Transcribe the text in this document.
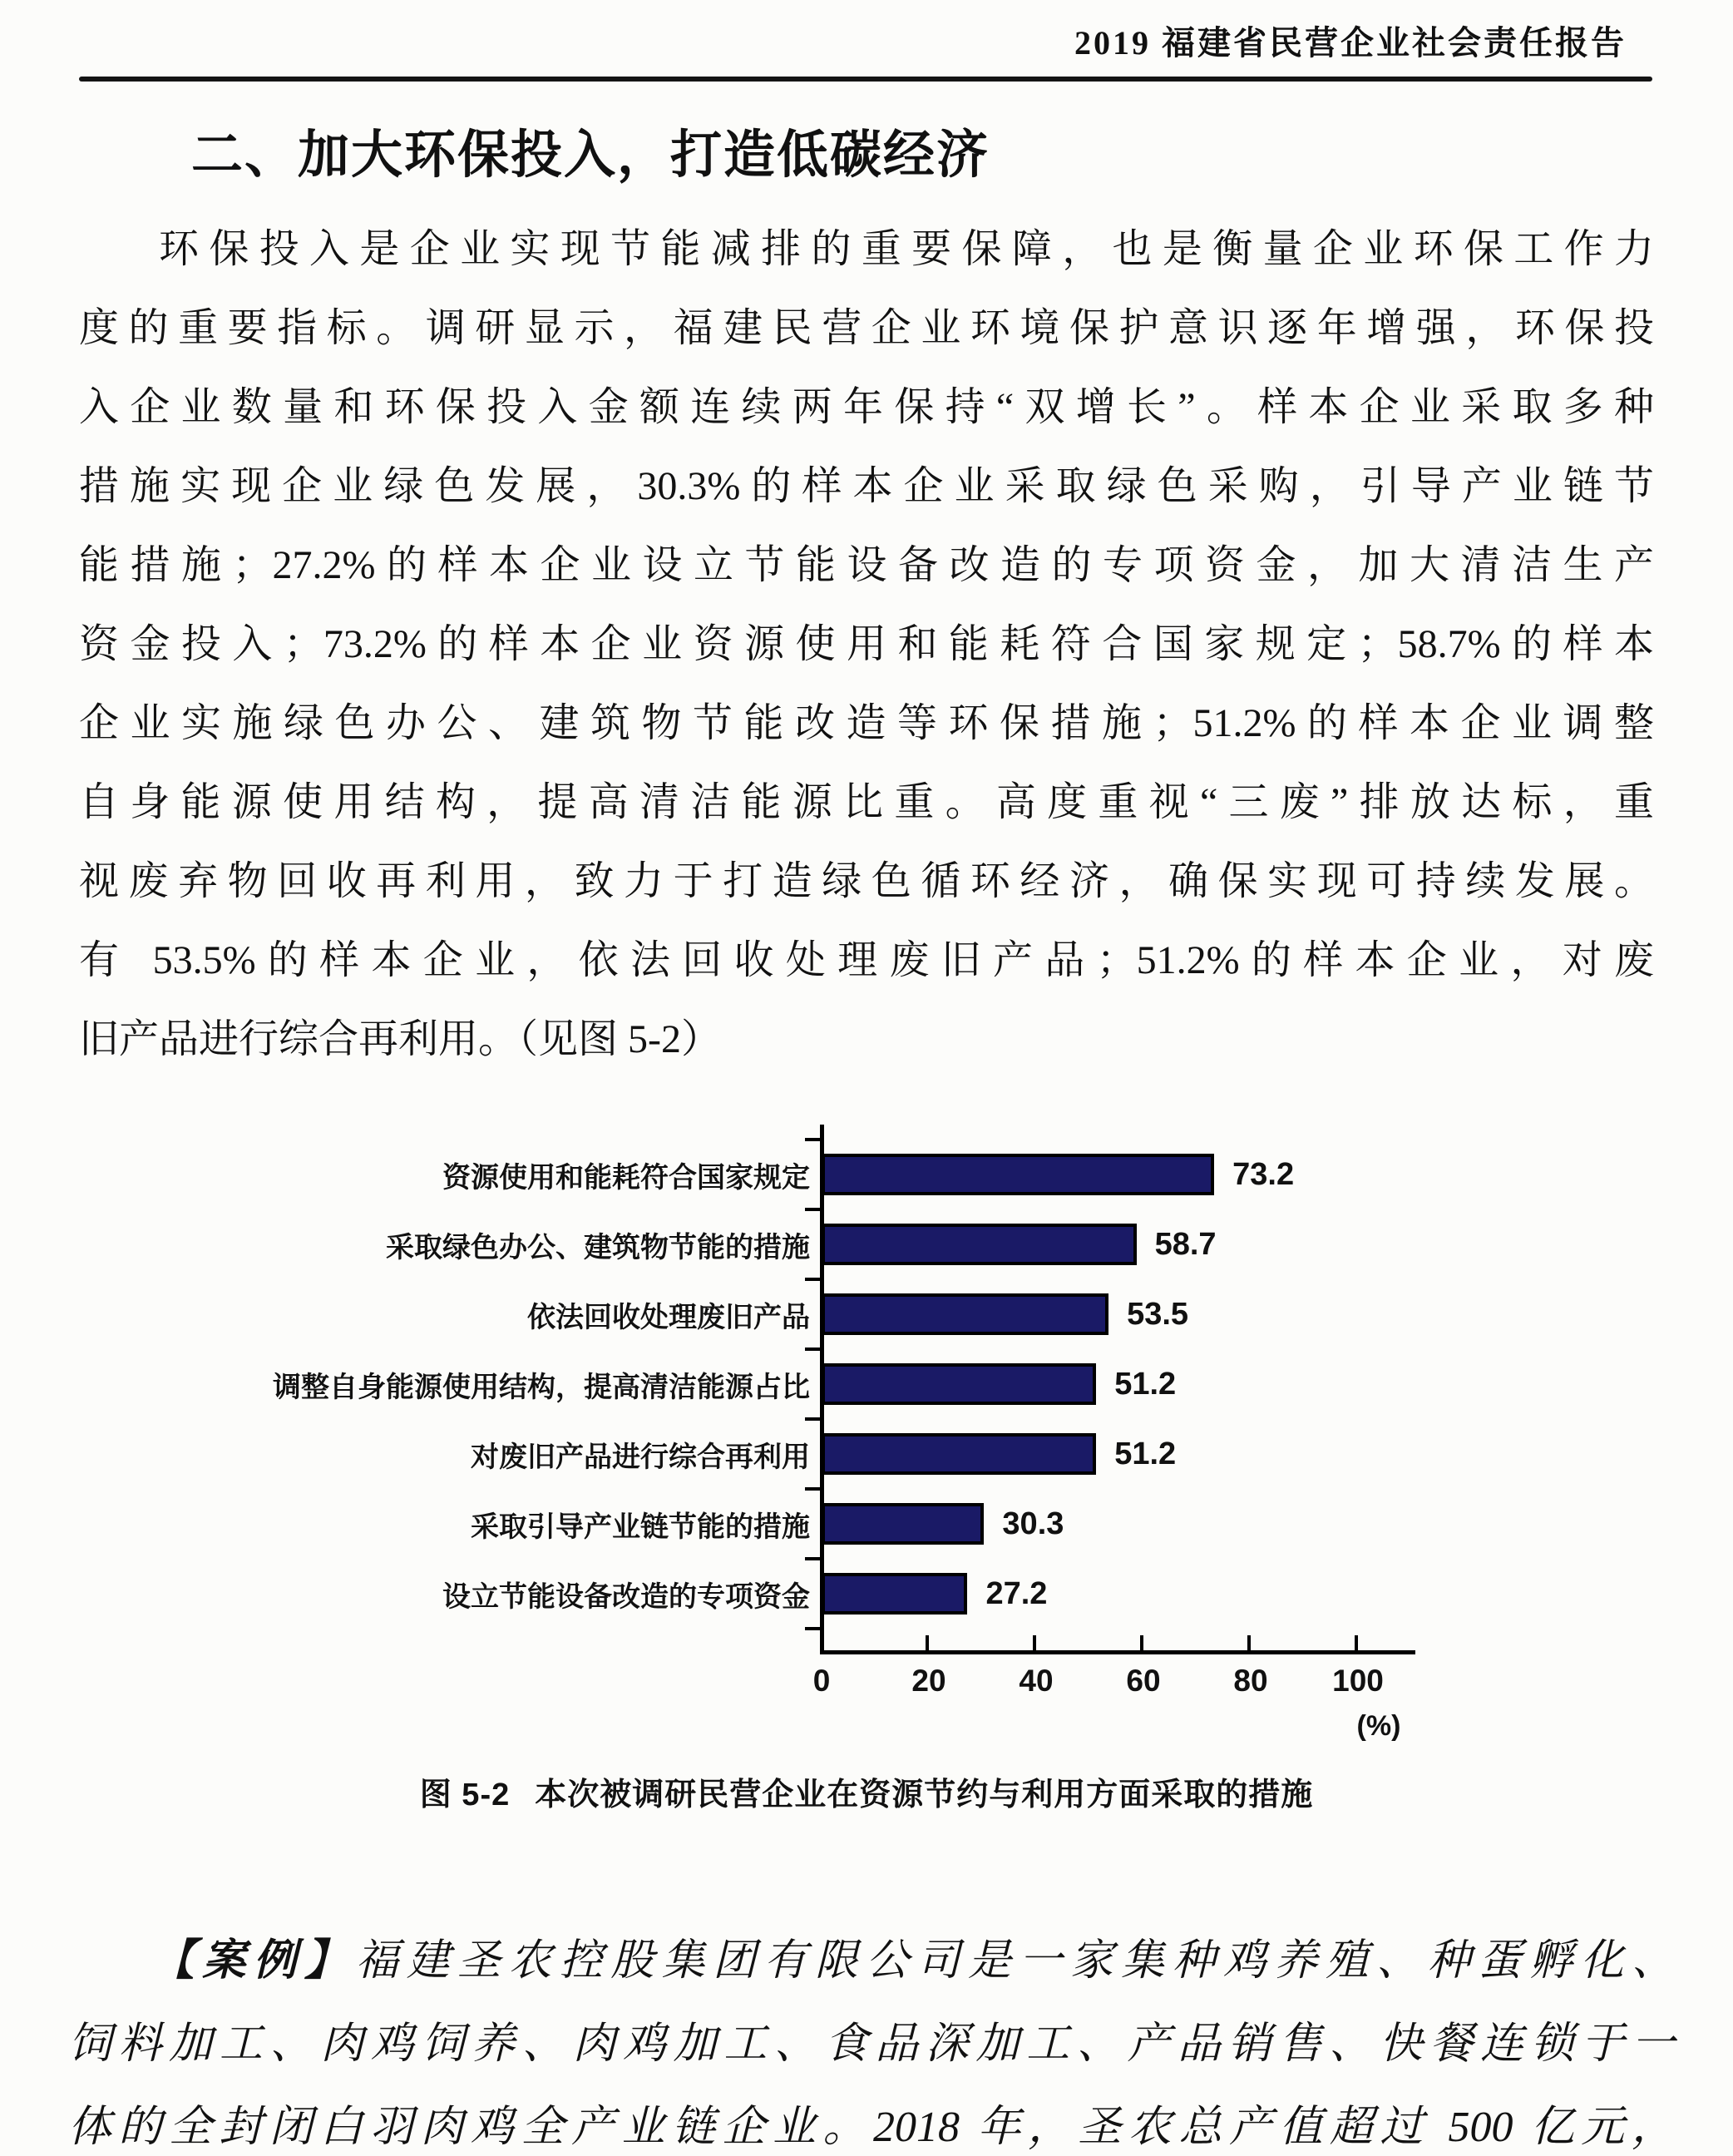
2019 福建省民营企业社会责任报告
二、加大环保投入，打造低碳经济
环保投入是企业实现节能减排的重要保障，也是衡量企业环保工作力
度的重要指标。调研显示，福建民营企业环境保护意识逐年增强，环保投
入企业数量和环保投入金额连续两年保持“双增长”。样本企业采取多种
措施实现企业绿色发展，30.3%的样本企业采取绿色采购，引导产业链节
能措施；27.2%的样本企业设立节能设备改造的专项资金，加大清洁生产
资金投入；73.2%的样本企业资源使用和能耗符合国家规定；58.7%的样本
企业实施绿色办公、建筑物节能改造等环保措施；51.2%的样本企业调整
自身能源使用结构，提高清洁能源比重。高度重视“三废”排放达标，重
视废弃物回收再利用，致力于打造绿色循环经济，确保实现可持续发展。
有 53.5%的样本企业，依法回收处理废旧产品；51.2%的样本企业，对废
旧产品进行综合再利用。（见图 5-2）
资源使用和能耗符合国家规定	73.2
采取绿色办公、建筑物节能的措施	58.7
依法回收处理废旧产品	53.5
调整自身能源使用结构，提高清洁能源占比	51.2
对废旧产品进行综合再利用	51.2
采取引导产业链节能的措施	30.3
设立节能设备改造的专项资金	27.2
0	20	40	60	80	100
(%)
图 5-2 本次被调研民营企业在资源节约与利用方面采取的措施
【案例】福建圣农控股集团有限公司是一家集种鸡养殖、种蛋孵化、
饲料加工、肉鸡饲养、肉鸡加工、食品深加工、产品销售、快餐连锁于一
体的全封闭白羽肉鸡全产业链企业。2018 年，圣农总产值超过 500 亿元，
